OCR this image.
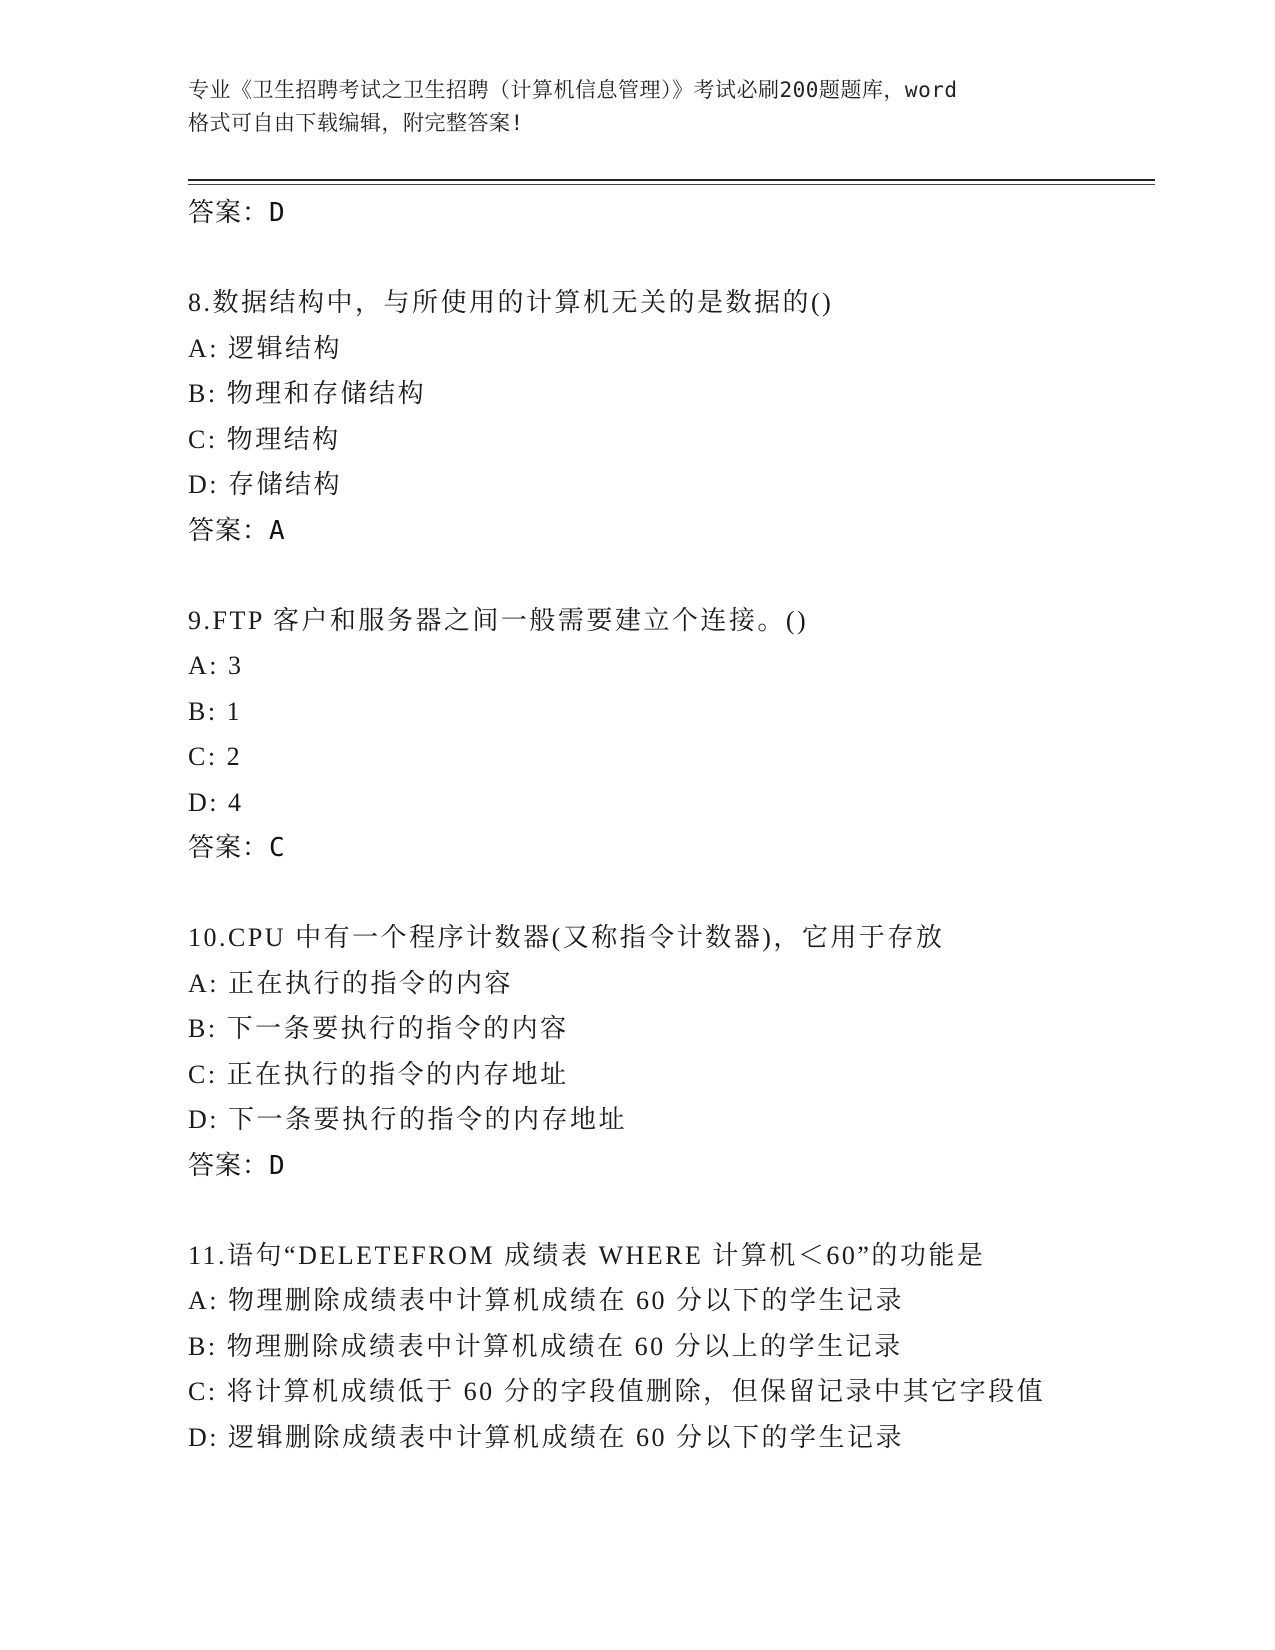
专业《卫生招聘考试之卫生招聘（计算机信息管理）》考试必刷200题题库，word
格式可自由下载编辑，附完整答案!
答案：D
8.数据结构中，与所使用的计算机无关的是数据的()
A: 逻辑结构
B: 物理和存储结构
C: 物理结构
D: 存储结构
答案：A
9.FTP 客户和服务器之间一般需要建立个连接。()
A: 3
B: 1
C: 2
D: 4
答案：C
10.CPU 中有一个程序计数器(又称指令计数器)，它用于存放
A: 正在执行的指令的内容
B: 下一条要执行的指令的内容
C: 正在执行的指令的内存地址
D: 下一条要执行的指令的内存地址
答案：D
11.语句“DELETEFROM 成绩表 WHERE 计算机＜60”的功能是
A: 物理删除成绩表中计算机成绩在 60 分以下的学生记录
B: 物理删除成绩表中计算机成绩在 60 分以上的学生记录
C: 将计算机成绩低于 60 分的字段值删除，但保留记录中其它字段值
D: 逻辑删除成绩表中计算机成绩在 60 分以下的学生记录
